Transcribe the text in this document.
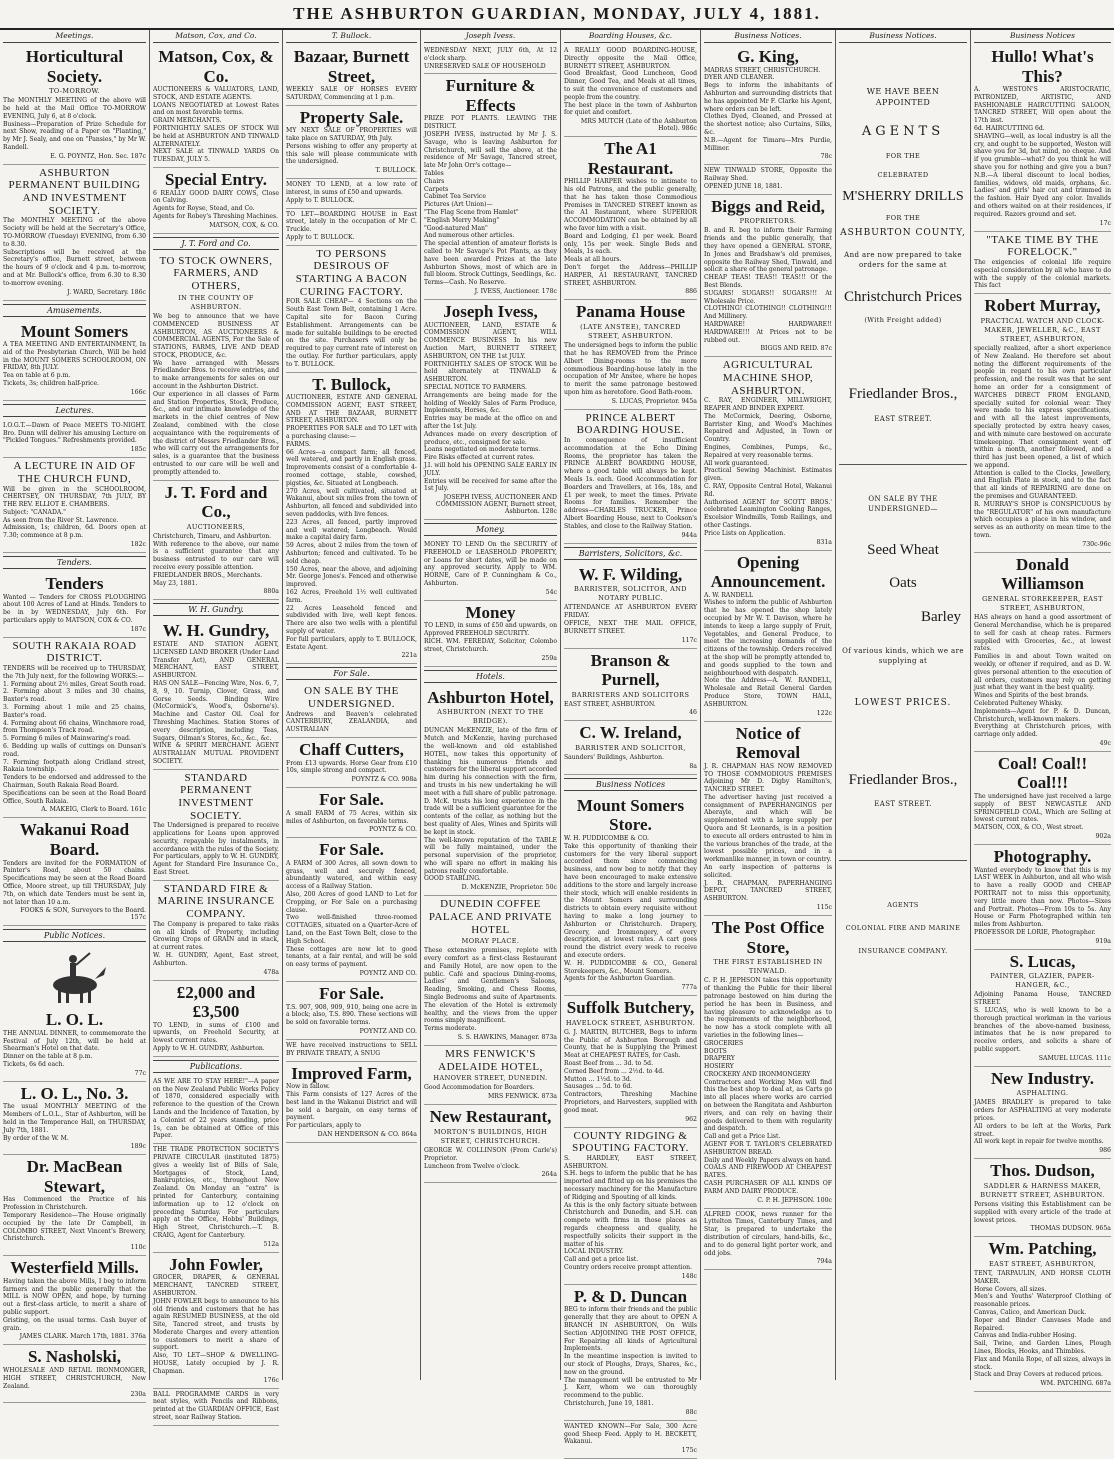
THE ASHBURTON GUARDIAN, MONDAY, JULY 4, 1881.
Meetings.
Horticultural Society.
TO-MORROW.

The MONTHLY MEETING of the above will be held at the Mail Office TO-MORROW EVENING, July 6, at 8 o'clock.
Business—Preparation of Prize Schedule for next Show, reading of a Paper on "Planting," by Mr J. Sealy, and one on "Pansies," by Mr W. Randell.

E. G. POYNTZ, Hon. Sec. 187c
ASHBURTON PERMANENT BUILDING AND INVESTMENT SOCIETY.

The MONTHLY MEETING of the above Society will be held at the Secretary's Office, TO-MORROW (Tuesday) EVENING, from 6.30 to 8.30.
Subscriptions will be received at the Secretary's office, Burnett street, between the hours of 9 o'clock and 4 p.m. to-morrow, and at Mr. Bullock's office, from 6.30 to 8.30 to-morrow evening.

J. WARD, Secretary. 186c
Amusements.
Mount Somers

A TEA MEETING AND ENTERTAINMENT, In aid of the Presbyterian Church, Will be held in the MOUNT SOMERS SCHOOLROOM, ON FRIDAY, 8th JULY.
Tea on table at 6 p.m.
Tickets, 3s; children half-price.

166c
Lectures.

I.O.G.T.—Dawn of Peace MEETS TO-NIGHT. Bro. Dunn will deliver his amusing Lecture on "Pickled Tongues." Refreshments provided.

185c
A LECTURE IN AID OF THE CHURCH FUND,

Will be given in the SCHOOLROOM, CHERTSEY, ON THURSDAY, 7th JULY, BY THE REV. ELLIOT E. CHAMBERS.
Subject: "CANADA."
As seen from the River St. Lawrence.
Admission, 1s; children, 6d. Doors open at 7.30; commence at 8 p.m.

182c
Tenders.
Tenders

Wanted — Tenders for CROSS PLOUGHING about 100 Acres of Land at Hinds. Tenders to be in by WEDNESDAY, July 6th. For particulars apply to MATSON, COX & CO.

187c
SOUTH RAKAIA ROAD DISTRICT.

TENDERS will be received up to THURSDAY, the 7th July next, for the following WORKS:—
1. Forming about 2½ miles, Great South road.
2. Forming about 3 miles and 30 chains, Baxter's road.
3. Forming about 1 mile and 25 chains, Baxter's road.
4. Forming about 66 chains, Winchmore road, from Thompson's Track road.
5. Forming 6 miles of Mainwaring's road.
6. Bedding up walls of cuttings on Dunsan's road.
7. Forming footpath along Cridland street, Rakaia township.
Tenders to be endorsed and addressed to the Chairman, South Rakaia Road Board.
Specifications can be seen at the Road Board Office, South Rakaia.

A. MAKEIG, Clerk to Board. 161c
Wakanui Road Board.

Tenders are invited for the FORMATION of Painter's Road, about 50 chains. Specifications may be seen at the Road Board Office, Moore street, up till THURSDAY, July 7th, on which date Tenders must be sent in, not later than 10 a.m.

FOOKS & SON, Surveyors to the Board. 157c
Public Notices.
L. O. L.

THE ANNUAL DINNER, to commemorate the Festival of July 12th, will be held at Shearman's Hotel on that date.
Dinner on the table at 8 p.m.
Tickets, 6s 6d each.

77c
L. O. L., No. 3.

The usual MONTHLY MEETING of the Members of L.O.L., Star of Ashburton, will be held in the Temperance Hall, on THURSDAY, July 7th, 1881.
By order of the W. M.

189c
Dr. MacBean Stewart,

Has Commenced the Practice of his Profession in Christchurch.
Temporary Residence—The House originally occupied by the late Dr Campbell, in COLOMBO STREET, Next Vincent's Brewery, Christchurch.

110c
Westerfield Mills.

Having taken the above Mills, I beg to inform farmers and the public generally that the MILL is NOW OPEN, and hope, by turning out a first-class article, to merit a share of public support.
Gristing, on the usual terms. Cash buyer of grain.

JAMES CLARK. March 17th, 1881. 376a
S. Nasholski,

WHOLESALE AND RETAIL IRONMONGER, HIGH STREET, CHRISTCHURCH, New Zealand.

230a
Matson, Cox, and Co.
Matson, Cox, & Co.

AUCTIONEERS & VALUATORS, LAND, STOCK, AND ESTATE AGENTS.
LOANS NEGOTIATED at Lowest Rates and on most favorable terms.
GRAIN MERCHANTS.
FORTNIGHTLY SALES OF STOCK Will be held at ASHBURTON AND TINWALD ALTERNATELY.
NEXT SALE at TINWALD YARDS On TUESDAY, JULY 5.

Special Entry.

6 REALLY GOOD DAIRY COWS, Close on Calving.
Agents for Royse, Stead, and Co.
Agents for Robey's Threshing Machines.

MATSON, COX, & CO.
J. T. Ford and Co.
TO STOCK OWNERS, FARMERS, AND OTHERS,
IN THE COUNTY OF ASHBURTON.

We beg to announce that we have COMMENCED BUSINESS AT ASHBURTON, AS AUCTIONEERS & COMMERCIAL AGENTS, For the Sale of STATIONS, FARMS, LIVE AND DEAD STOCK, PRODUCE, &c.
We have arranged with Messrs Friedlander Bros. to receive entries, and to make arrangements for sales on our account in the Ashburton District.
Our experience in all classes of Farm and Station Properties, Stock, Produce, &c., and our intimate knowledge of the markets in the chief centres of New Zealand, combined with the close acquaintance with the requirements of the district of Messrs Friedlander Bros., who will carry out the arrangements for sales, is a guarantee that the business entrusted to our care will be well and promptly attended to.

J. T. Ford and Co.,
AUCTIONEERS,

Christchurch, Timaru, and Ashburton.
With reference to the above, our name is a sufficient guarantee that any business entrusted to our care will receive every possible attention.
FRIEDLANDER BROS., Merchants.
May 23, 1881.

880a
W. H. Gundry.
W. H. Gundry,

ESTATE AND STATION AGENT, LICENSED LAND BROKER (Under Land Transfer Act), AND GENERAL MERCHANT, EAST STREET, ASHBURTON.
HAS ON SALE—Fencing Wire, Nos. 6, 7, 8, 9, 10. Turnip, Clover, Grass, and Gorse Seeds. Binding Wire (McCormick's, Wood's, Osborne's). Machine and Castor Oil. Coal for Threshing Machines. Station Stores of every description, including Teas, Sugars, Oilman's Stores, &c., &c., &c.
WINE & SPIRIT MERCHANT. AGENT AUSTRALIAN MUTUAL PROVIDENT SOCIETY.

STANDARD PERMANENT INVESTMENT SOCIETY.

The Undersigned is prepared to receive applications for Loans upon approved security, repayable by instalments, in accordance with the rules of the Society. For particulars, apply to W. H. GUNDRY, Agent for Standard Fire Insurance Co., East Street.

STANDARD FIRE & MARINE INSURANCE COMPANY.

The Company is prepared to take risks on all kinds of Property, including Growing Crops of GRAIN and in stack, at current rates.
W. H. GUNDRY, Agent, East street, Ashburton.

478a
£2,000 and £3,500

TO LEND, in sums of £100 and upwards, on Freehold Security, at lowest current rates.
Apply to W. H. GUNDRY, Ashburton.

Publications.

AS WE ARE TO STAY HERE!"—A paper on the New Zealand Public Works Policy of 1870, considered especially with reference to the question of the Crown Lands and the Incidence of Taxation, by a Colonist of 22 years standing, price 1s, can be obtained at Office of this Paper.

THE TRADE PROTECTION SOCIETY'S PRIVATE CIRCULAR (instituted 1875) gives a weekly list of Bills of Sale, Mortgages of Stock, Land, Bankruptcies, etc., throughout New Zealand. On Monday an "extra" is printed for Canterbury, containing information up to 12 o'clock on preceding Saturday. For particulars apply at the Office, Hobbs' Buildings, High Street, Christchurch.—T. B. CRAIG, Agent for Canterbury.

512a
John Fowler,

GROCER, DRAPER, & GENERAL MERCHANT, TANCRED STREET, ASHBURTON.
JOHN FOWLER begs to announce to his old friends and customers that he has again RESUMED BUSINESS, at the old Site, Tancred street, and trusts by Moderate Charges and every attention to customers to merit a share of support.
Also, TO LET—SHOP & DWELLING-HOUSE, Lately occupied by J. R. Chapman.

176c

BALL PROGRAMME CARDS in very neat styles, with Pencils and Ribbons, printed at the GUARDIAN OFFICE, East street, near Railway Station.

T. Bullock.
Bazaar, Burnett Street,

WEEKLY SALE OF HORSES EVERY SATURDAY, Commencing at 1 p.m.

Property Sale.

MY NEXT SALE OF PROPERTIES will take place on SATURDAY, 9th July.
Persons wishing to offer any property at this sale will please communicate with the undersigned.

T. BULLOCK.

MONEY TO LEND, at a low rate of interest, in sums of £50 and upwards.
Apply to T. BULLOCK.

TO LET—BOARDING HOUSE in East street, lately in the occupation of Mr C. Truckle.
Apply to T. BULLOCK.

TO PERSONS DESIROUS OF STARTING A BACON CURING FACTORY.

FOR SALE CHEAP— 4 Sections on the South East Town Belt, containing 1 Acre. Capital site for Bacon Curing Establishment. Arrangements can be made for suitable buildings to be erected on the site. Purchasers will only be required to pay current rate of interest on the outlay. For further particulars, apply to T. BULLOCK.

T. Bullock,

AUCTIONEER, ESTATE AND GENERAL COMMISSION AGENT, EAST STREET, AND AT THE BAZAAR, BURNETT STREET, ASHBURTON.
PROPERTIES FOR SALE and TO LET with a purchasing clause:—
FARMS.
66 Acres—a compact farm; all fenced, well watered, and partly in English grass. Improvements consist of a comfortable 4-roomed cottage, stable, cowshed, pigsties, &c. Situated at Longbeach.
270 Acres, well cultivated, situated at Wakanui, about six miles from the town of Ashburton, all fenced and subdivided into seven paddocks, with live fences.
223 Acres, all fenced, partly improved and well watered; Longbeach. Would make a capital dairy farm.
59 Acres, about 2 miles from the town of Ashburton; fenced and cultivated. To be sold cheap.
150 Acres, near the above, and adjoining Mr. George Jones's. Fenced and otherwise improved.
162 Acres, Freehold 1½ well cultivated farm.
22 Acres Leasehold fenced and subdivided with live, well kept fences. There are also two wells with a plentiful supply of water.
For full particulars, apply to T. BULLOCK, Estate Agent.

221a
For Sale.
ON SALE BY THE UNDERSIGNED.

Andrews and Beaven's celebrated CANTERBURY, ZEALANDIA, and AUSTRALIAN

Chaff Cutters,

From £13 upwards. Horse Gear from £10 10s, simple strong and compact.

POYNTZ & CO. 908a
For Sale.

A small FARM of 75 Acres, within six miles of Ashburton, on favorable terms.

POYNTZ & CO.
For Sale.

A FARM of 300 Acres, all sown down to grass, well and securely fenced, abundantly watered, and within easy access of a Railway Station.
Also, 200 Acres of good LAND to Let for Cropping, or For Sale on a purchasing clause.
Two well-finished three-roomed COTTAGES, situated on a Quarter-Acre of Land, on the East Town Belt, close to the High School.
These cottages are now let to good tenants, at a fair rental, and will be sold on easy terms of payment.

POYNTZ AND CO.
For Sale.

T.S. 907, 908, 909, 910, being one acre in a block; also, T.S. 890. These sections will be sold on favorable terms.

POYNTZ AND CO.

WE have received instructions to SELL BY PRIVATE TREATY, A SNUG

Improved Farm,

Now in fallow.
This Farm consists of 127 Acres of the best land in the Wakanui District and will be sold a bargain, on easy terms of payment.
For particulars, apply to

DAN HENDERSON & CO. 864a
Joseph Ivess.

WEDNESDAY NEXT, JULY 6th, At 12 o'clock sharp.
UNRESERVED SALE OF HOUSEHOLD

Furniture & Effects

PRIZE POT PLANTS. LEAVING THE DISTRICT.
JOSEPH IVESS, instructed by Mr J. S. Savage, who is leaving Ashburton for Christchurch, will sell the above, at the residence of Mr Savage, Tancred street, late Mr John Orr's cottage—
Tables
Chairs
Carpets
Cabinet Tea Service
Pictures (Art Union)—
"The Flag Scene from Hamlet"
"English Merry Making"
"Good-natured Man"
And numerous other articles.
The special attention of amateur florists is called to Mr Savage's Pot Plants, as they have been awarded Prizes at the late Ashburton Shows, most of which are in full bloom. Strock Cuttings, Seedlings, &c.
Terms—Cash. No Reserve.

J. IVESS, Auctioneer. 178c
Joseph Ivess,

AUCTIONEER, LAND, ESTATE & COMMISSION AGENT, WILL COMMENCE BUSINESS In his new Auction Mart, BURNETT STREET, ASHBURTON, ON THE 1st JULY.
FORTNIGHTLY SALES OF STOCK Will be held alternately at TINWALD & ASHBURTON.
SPECIAL NOTICE TO FARMERS.
Arrangements are being made for the holding of Weekly Sales of Farm Produce, Implements, Horses, &c.
Entries may be made at the office on and after the 1st July.
Advances made on every description of produce, etc., consigned for sale.
Loans negotiated on moderate terms.
Fire Risks effected at current rates.
J.I. will hold his OPENING SALE EARLY IN JULY.
Entries will be received for same after the 1st July.

JOSEPH IVESS, AUCTIONEER AND COMMISSION AGENT, Burnett street, Ashburton. 128c
Money.

MONEY TO LEND On the SECURITY of FREEHOLD or LEASEHOLD PROPERTY, or Loans for short dates, will be made on any approved security. Apply to WM. HORNE, Care of P. Cunningham & Co., Ashburton.

54c
Money

TO LEND, in sums of £50 and upwards, on Approved FREEHOLD SECURITY.
RICH. WM. FEREDAY, Solicitor, Colombo street, Christchurch.

259a
Hotels.
Ashburton Hotel,
ASHBURTON (NEXT TO THE BRIDGE).

DUNCAN McKENZIE, late of the firm of Mutch and McKenzie, having purchased the well-known and old established HOTEL, now takes this opportunity of thanking his numerous friends and customers for the liberal support accorded him during his connection with the firm, and trusts in his new undertaking he will meet with a full share of public patronage. D. McK. trusts his long experience in the trade will be a sufficient guarantee for the contents of the cellar, as nothing but the best quality of Ales, Wines and Spirits will be kept in stock.
The well-known reputation of the TABLE will be fully maintained, under the personal supervision of the proprietor, who will spare no effort in making his patrons really comfortable.
GOOD STABLING.

D. McKENZIE, Proprietor. 50c
DUNEDIN COFFEE PALACE AND PRIVATE HOTEL
MORAY PLACE.

These extensive premises, replete with every comfort as a first-class Restaurant and Family Hotel, are now open to the public. Café and spacious Dining-rooms, Ladies' and Gentlemen's Saloons, Reading, Smoking, and Chess Rooms, Single Bedrooms and suite of Apartments. The elevation of the Hotel is extremely healthy, and the views from the upper rooms simply magnificent.
Terms moderate.

S. S. HAWKINS, Manager. 873a
MRS FENWICK'S ADELAIDE HOTEL,
HANOVER STREET, DUNEDIN.

Good Accommodation for Boarders.

MRS FENWICK. 873a
New Restaurant,
MORTON'S BUILDINGS, HIGH STREET, CHRISTCHURCH.

GEORGE W. COLLINSON (From Carle's) Proprietor.
Luncheon from Twelve o'clock.

264a
Boarding Houses, &c.

A REALLY GOOD BOARDING-HOUSE, Directly opposite the Mail Office, BURNETT STREET, ASHBURTON.
Good Breakfast, Good Luncheon, Good Dinner, Good Tea, and Meals at all times, to suit the convenience of customers and people from the country.
The best place in the town of Ashburton for quiet and comfort.

MRS MUTCH (Late of the Ashburton Hotel). 986c
The A1 Restaurant.

PHILLIP HARPER wishes to intimate to his old Patrons, and the public generally, that he has taken those Commodious Premises in TANCRED STREET known as the A1 Restaurant, where SUPERIOR ACCOMMODATION can be obtained by all who favor him with a visit.
Board and Lodging, £1 per week. Board only, 15s per week. Single Beds and Meals, 1s each.
Meals at all hours.
Don't forget the Address—PHILLIP HARPER, A1 RESTAURANT, TANCRED STREET, ASHBURTON.

886
Panama House
(LATE ANSTEE), TANCRED STREET, ASHBURTON.

The undersigned begs to inform the public that he has REMOVED from the Prince Albert Dining-rooms to the more commodious Boarding-house lately in the occupation of Mr Anstee, where he hopes to merit the same patronage bestowed upon him as heretofore. Good Bath-room.

S. LUCAS, Proprietor. 945a
PRINCE ALBERT BOARDING HOUSE.

In consequence of insufficient accommodation at the Echo Dining Rooms, the proprietor has taken the PRINCE ALBERT BOARDING HOUSE, where a good table will always be kept. Meals 1s. each. Good Accommodation for Boarders and Travellers, at 16s, 18s, and £1 per week, to meet the times. Private Rooms for families. Remember the address—CHARLES TRUCKER, Prince Albert Boarding House, next to Cookson's Stables, and close to the Railway Station.

944a
Barristers, Solicitors, &c.
W. F. Wilding,
BARRISTER, SOLICITOR, AND NOTARY PUBLIC.

ATTENDANCE AT ASHBURTON EVERY FRIDAY.
OFFICE, NEXT THE MAIL OFFICE, BURNETT STREET.

117c
Branson & Purnell,
BARRISTERS AND SOLICITORS

EAST STREET, ASHBURTON.

46
C. W. Ireland,
BARRISTER AND SOLICITOR,

Saunders' Buildings, Ashburton.

8a
Business Notices
Mount Somers Store.

W. H. PUDDICOMBE & CO.
Take this opportunity of thanking their customers for the very liberal support accorded them since commencing business, and now beg to notify that they have been encouraged to make extensive additions to the store and largely increase their stock, which will enable residents in the Mount Somers and surrounding districts to obtain every requisite without having to make a long journey to Ashburton or Christchurch. Drapery, Grocery, and Ironmongery, of every description, at lowest rates. A cart goes round the district every week to receive and execute orders.
W. H. PUDDICOMBE & CO., General Storekeepers, &c., Mount Somers.
Agents for the Ashburton Guardian.

777a
Suffolk Butchery,
HAVELOCK STREET, ASHBURTON.

G. J. MARTIN, BUTCHER, Begs to inform the Public of Ashburton Borough and County, that he is Supplying the Primest Meat at CHEAPEST RATES, for Cash.
Roast Beef from ... 3d. to 5d.
Corned Beef from ... 2½d. to 4d.
Mutton ... 1½d. to 3d.
Sausages ... 5d. to 6d.
Contractors, Threshing Machine Proprietors, and Harvesters, supplied with good meat.

962
COUNTY RIDGING & SPOUTING FACTORY.

S. HARDLEY, EAST STREET, ASHBURTON.
S.H. begs to inform the public that he has imported and fitted up on his premises the necessary machinery for the Manufacture of Ridging and Spouting of all kinds.
As this is the only factory situate between Christchurch and Dunedin, and S.H. can compete with firms in those places as regards cheapness and quality, he respectfully solicits their support in the matter of his
LOCAL INDUSTRY.
Call and get a price list.
Country orders receive prompt attention.

148c
P. & D. Duncan

BEG to inform their friends and the public generally that they are about to OPEN A BRANCH IN ASHBURTON, On Wills Section ADJOINING THE POST OFFICE, For Repairing all kinds of Agricultural Implements.
In the meantime inspection is invited to our stock of Ploughs, Drays, Shares, &c., now on the ground.
The management will be entrusted to Mr J. Kerr, whom we can thoroughly recommend to the public.
Christchurch, June 19, 1881.

88c

WANTED KNOWN—For Sale, 300 Acre good Sheep Feed. Apply to H. BECKETT, Wakanui.

175c
Business Notices.
G. King,

MADRAS STREET, CHRISTCHURCH.
DYER AND CLEANER.
Begs to inform the inhabitants of Ashburton and surrounding districts that he has appointed Mr F. Clarke his Agent, where orders can be left.
Clothes Dyed, Cleaned, and Pressed at the shortest notice; also Curtains, Silks, &c.
N.B.—Agent for Timaru—Mrs Purdie, Milliner.

78c

NEW TINWALD STORE, Opposite the Railway Shed.
OPENED JUNE 18, 1881.

Biggs and Reid,
PROPRIETORS.

B. and R. beg to inform their Farming friends and the public generally, that they have opened a GENERAL STORE, In Jones and Bradshaw's old premises, opposite the Railway Shed, Tinwald, and solicit a share of the general patronage.
CHEAP TEAS! TEAS!! TEAS!!! Of the Best Blends.
SUGARS! SUGARS!! SUGARS!!! At Wholesale Price.
CLOTHING! CLOTHING!! CLOTHING!!! And Millinery.
HARDWARE! HARDWARE!! HARDWARE!!! At Prices not to be rubbed out.

BIGGS AND REID. 87c
AGRICULTURAL MACHINE SHOP, ASHBURTON.

C. RAY, ENGINEER, MILLWRIGHT, REAPER AND BINDER EXPERT.
The McCormick, Deering, Osborne, Barrister King, and Wood's Machines Repaired and Adjusted, in Town or Country.
Engines, Combines, Pumps, &c., Repaired at very reasonable terms.
All work guaranteed.
Practical Sewing Machinist. Estimates given.
C. RAY, Opposite Central Hotel, Wakanui Rd.
Authorised AGENT for SCOTT BROS.' celebrated Leamington Cooking Ranges, Excelsior Windmills, Tomb Railings, and other Castings.
Price Lists on Application.

831a
Opening Announcement.

A. W. RANDELL
Wishes to inform the public of Ashburton that he has opened the shop lately occupied by Mr W. T. Davison, where he intends to keep a large supply of Fruit, Vegetables, and General Produce, to meet the increasing demands of the citizens of the township. Orders received at the shop will be promptly attended to, and goods supplied to the town and neighbourhood with despatch.
Note the Address—A. W. RANDELL, Wholesale and Retail General Garden Produce Store, TOWN HALL, ASHBURTON.

122c
Notice of Removal

J. R. CHAPMAN HAS NOW REMOVED TO THOSE COMMODIOUS PREMISES Adjoining Mr D. Digby Hamilton's, TANCRED STREET.
The advertiser having just received a consignment of PAPERHANGINGS per Aberayle, and which will be supplemented with a large supply per Quora and St Leonards, is in a position to execute all orders entrusted to him in the various branches of the trade, at the lowest possible prices, and in a workmanlike manner, in town or country.
An early inspection of patterns is solicited.
J. R. CHAPMAN, PAPERHANGING DEPOT, TANCRED STREET, ASHBURTON.

115c
The Post Office Store,
THE FIRST ESTABLISHED IN TINWALD.

C. P. H. JEPHSON takes this opportunity of thanking the Public for their liberal patronage bestowed on him during the period he has been in Business, and having pleasure to acknowledge as to the requirements of the neighborhood, he now has a stock complete with all varieties in the following lines—
GROCERIES
BOOTS
DRAPERY
HOSIERY
CROCKERY AND IRONMONGERY
Contractors and Working Men will find this the best shop to deal at, as Carts go into all places where works are carried on between the Rangitata and Ashburton rivers, and can rely on having their goods delivered to them with regularity and despatch.
Call and get a Price List.
AGENT FOR T. TAYLOR'S CELEBRATED ASHBURTON BREAD.
Daily and Weekly Papers always on hand.
COALS AND FIREWOOD AT CHEAPEST RATES.
CASH PURCHASER OF ALL KINDS OF FARM AND DAIRY PRODUCE.

C. P. H. JEPHSON. 100c

ALFRED COOK, news runner for the Lyttelton Times, Canterbury Times, and Star, is prepared to undertake the distribution of circulars, hand-bills, &c., and to do general light porter work, and odd jobs.

794a
Business Notices.
WE HAVE BEEN APPOINTED
AGENTS
FOR THE
CELEBRATED
M'SHERRY DRILLS
FOR THE
ASHBURTON COUNTY,
And are now prepared to take orders for the same at
Christchurch Prices
(With Freight added)
Friedlander Bros.,
EAST STREET.
ON SALE BY THE UNDERSIGNED—
Seed Wheat
Oats
Barley
Of various kinds, which we are supplying at
LOWEST PRICES.
Friedlander Bros.,
EAST STREET.
AGENTS
COLONIAL FIRE AND MARINE
INSURANCE COMPANY.
Business Notices
Hullo! What's This?

A. WESTON'S ARISTOCRATIC, PATRONIZED, ARTISTIC, AND FASHIONABLE HAIRCUTTING SALOON, TANCRED STREET, Will open about the 17th inst.
6d. HAIRCUTTING 6d.
SHAVING—well, as local industry is all the cry, and ought to be supported, Weston will shave you for 3d, but mind, no cheque. And if you grumble—what? do you think he will shave you for nothing and give you a bun? N.B.—A liberal discount to local bodies, families, widows, old maids, orphans, &c. Ladies' and girls' hair cut and trimmed in the fashion. Hair Dyed any color. Invalids and others waited on at their residences, if required. Razors ground and set.

17c
"TAKE TIME BY THE FORELOCK."

The exigencies of colonial life require especial consideration by all who have to do with the supply of the colonial markets. This fact

Robert Murray,
PRACTICAL WATCH AND CLOCK-MAKER, JEWELLER, &C., EAST STREET, ASHBURTON,

specially realized, after a short experience of New Zealand. He therefore set about noting the different requirements of the people in regard to his own particular profession, and the result was that he sent home an order for a consignment of WATCHES DIRECT FROM ENGLAND, specially suited for colonial wear. They were made to his express specifications, and with all the latest improvements, specially protected by extra heavy cases, and with minute care bestowed on accurate timekeeping. That consignment went off within a month, another followed, and a third has just been opened, a list of which we append.
Attention is called to the Clocks, Jewellery, and English Plate in stock, and to the fact that all kinds of REPAIRING are done on the premises and GUARANTEED.
R. MURRAY'S SHOP is CONSPICUOUS by the "REGULATOR" of his own manufacture which occupies a place in his window, and serves as an authority on mean time to the town.

730c-96c
Donald Williamson
GENERAL STOREKEEPER, EAST STREET, ASHBURTON,

HAS always on hand a good assortment of General Merchandise, which he is prepared to sell for cash at cheap rates. Farmers supplied with Groceries, &c., at lowest rates.
Families in and about Town waited on weekly, or oftener if required, and as D. W. gives personal attention to the execution of all orders, customers may rely on getting just what they want in the best quality.
Wines and Spirits of the best brands.
Celebrated Pulteney Whisky.
Implements—Agent for P. & D. Duncan, Christchurch, well-known makers.
Everything at Christchurch prices, with carriage only added.

49c
Coal! Coal!! Coal!!!

The undersigned have just received a large supply of BEST NEWCASTLE AND SPRINGFIELD COAL, Which are Selling at lowest current rates.
MATSON, COX, & CO., West street.

902a
Photography.

Wanted everybody to know that this is my LAST WEEK in Ashburton, and all who wish to have a really GOOD and CHEAP PORTRAIT not to miss this opportunity, very little more than now. Photos—Sixes and Portrait. Photos—From 10s to 5s. Any House or Farm Photographed within ten miles from Ashburton.
PROFESSOR DE LORIE, Photographer.

919a
S. Lucas,
PAINTER, GLAZIER, PAPER-HANGER, &C.,

Adjoining Panama House, TANCRED STREET.
S. LUCAS, who is well known to be a thorough practical workman in the various branches of the above-named business, intimates that he is now prepared to receive orders, and solicits a share of public support.

SAMUEL LUCAS. 111c
New Industry.
ASPHALTING.

JAMES BRADLEY is prepared to take orders for ASPHALTING at very moderate prices.
All orders to be left at the Works, Park street.
All work kept in repair for twelve months.

986
Thos. Dudson,
SADDLER & HARNESS MAKER, BURNETT STREET, ASHBURTON.

Persons visiting this Establishment can be supplied with every article of the trade at lowest prices.

THOMAS DUDSON. 965a
Wm. Patching,
EAST STREET, ASHBURTON,

TENT, TARPAULIN, AND HORSE CLOTH MAKER.
Horse Covers, all sizes.
Men's and Youths' Waterproof Clothing of reasonable prices.
Canvas, Calico, and American Duck.
Roper and Binder Canvases Made and Repaired.
Canvas and India-rubber Hosing.
Sail, Twine, and Garden Lines, Plough Lines, Blocks, Hooks, and Thimbles.
Flax and Manila Rope, of all sizes, always in stock.
Stack and Dray Covers at reduced prices.

WM. PATCHING. 687a
